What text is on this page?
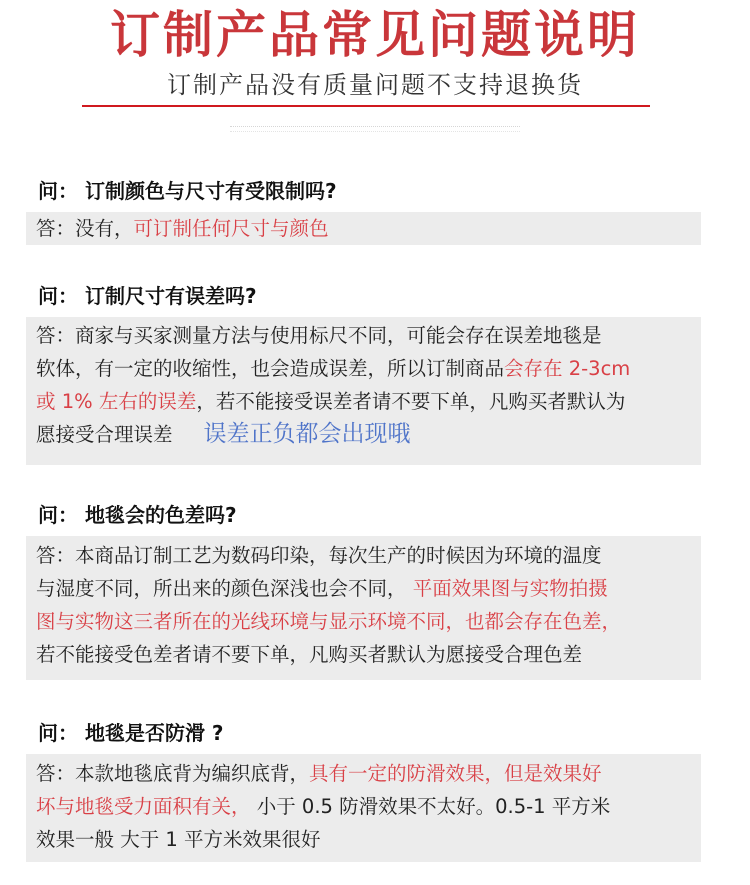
订制产品常见问题说明
订制产品没有质量问题不支持退换货
问： 订制颜色与尺寸有受限制吗?
答：没有，可订制任何尺寸与颜色
问： 订制尺寸有误差吗?
答：商家与买家测量方法与使用标尺不同，可能会存在误差地毯是
软体，有一定的收缩性，也会造成误差，所以订制商品会存在 2-3cm
或 1% 左右的误差，若不能接受误差者请不要下单，凡购买者默认为
愿接受合理误差 误差正负都会出现哦
问： 地毯会的色差吗?
答：本商品订制工艺为数码印染，每次生产的时候因为环境的温度
与湿度不同，所出来的颜色深浅也会不同， 平面效果图与实物拍摄
图与实物这三者所在的光线环境与显示环境不同，也都会存在色差，
若不能接受色差者请不要下单，凡购买者默认为愿接受合理色差
问： 地毯是否防滑 ?
答：本款地毯底背为编织底背，具有一定的防滑效果，但是效果好
坏与地毯受力面积有关， 小于 0.5 防滑效果不太好。0.5-1 平方米
效果一般 大于 1 平方米效果很好
